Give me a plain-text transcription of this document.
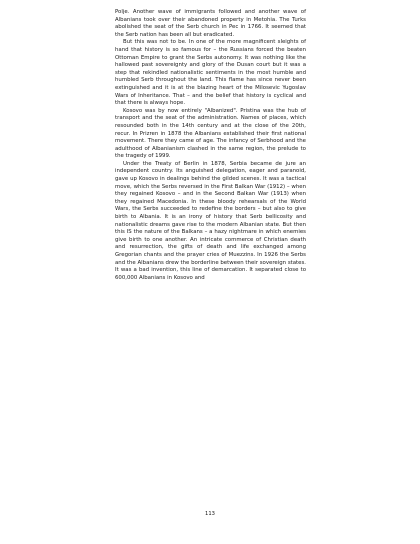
Polje. Another wave of immigrants followed and another wave of Albanians took over their abandoned property in Metohia. The Turks abolished the seat of the Serb church in Pec in 1766. It seemed that the Serb nation has been all but eradicated.

But this was not to be. In one of the more magnificent sleights of hand that history is so famous for – the Russians forced the beaten Ottoman Empire to grant the Serbs autonomy. It was nothing like the hallowed past sovereignty and glory of the Dusan court but it was a step that rekindled nationalistic sentiments in the most humble and humbled Serb throughout the land. This flame has since never been extinguished and it is at the blazing heart of the Milosevic Yugoslav Wars of Inheritance. That – and the belief that history is cyclical and that there is always hope.

Kosovo was by now entirely "Albanized". Pristina was the hub of transport and the seat of the administration. Names of places, which resounded both in the 14th century and at the close of the 20th, recur. In Prizren in 1878 the Albanians established their first national movement. There they came of age. The infancy of Serbhood and the adulthood of Albanianism clashed in the same region, the prelude to the tragedy of 1999.

Under the Treaty of Berlin in 1878, Serbia became de jure an independent country. Its anguished delegation, eager and paranoid, gave up Kosovo in dealings behind the gilded scenes. It was a tactical move, which the Serbs reversed in the First Balkan War (1912) – when they regained Kosovo – and in the Second Balkan War (1913) when they regained Macedonia. In these bloody rehearsals of the World Wars, the Serbs succeeded to redefine the borders – but also to give birth to Albania. It is an irony of history that Serb bellicosity and nationalistic dreams gave rise to the modern Albanian state. But then this IS the nature of the Balkans – a hazy nightmare in which enemies give birth to one another. An intricate commerce of Christian death and resurrection, the gifts of death and life exchanged among Gregorian chants and the prayer cries of Muezzins. In 1926 the Serbs and the Albanians drew the borderline between their sovereign states. It was a bad invention, this line of demarcation. It separated close to 600,000 Albanians in Kosovo and

113
